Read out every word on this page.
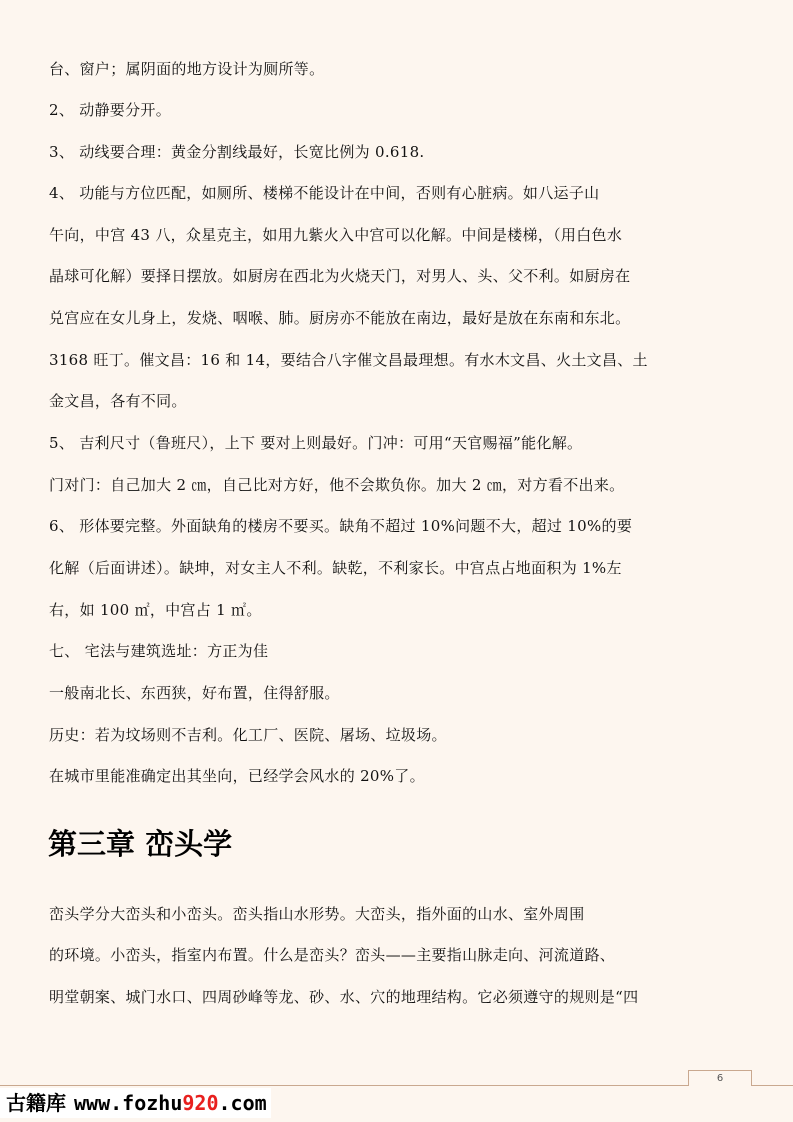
台、窗户；属阴面的地方设计为厕所等。
2、 动静要分开。
3、 动线要合理：黄金分割线最好，长宽比例为 0.618.
4、 功能与方位匹配，如厕所、楼梯不能设计在中间，否则有心脏病。如八运子山
午向，中宫 43 八，众星克主，如用九紫火入中宫可以化解。中间是楼梯，（用白色水
晶球可化解）要择日摆放。如厨房在西北为火烧天门，对男人、头、父不利。如厨房在
兑宫应在女儿身上，发烧、咽喉、肺。厨房亦不能放在南边，最好是放在东南和东北。
3168 旺丁。催文昌：16 和 14，要结合八字催文昌最理想。有水木文昌、火土文昌、土
金文昌，各有不同。
5、 吉利尺寸（鲁班尺），上下 要对上则最好。门冲：可用“天官赐福”能化解。
门对门：自己加大 2 ㎝，自己比对方好，他不会欺负你。加大 2 ㎝，对方看不出来。
6、 形体要完整。外面缺角的楼房不要买。缺角不超过 10%问题不大，超过 10%的要
化解（后面讲述）。缺坤，对女主人不利。缺乾，不利家长。中宫点占地面积为 1%左
右，如 100 ㎡，中宫占 1 ㎡。
七、 宅法与建筑选址：方正为佳
一般南北长、东西狭，好布置，住得舒服。
历史：若为坟场则不吉利。化工厂、医院、屠场、垃圾场。
在城市里能准确定出其坐向，已经学会风水的 20%了。
第三章 峦头学
峦头学分大峦头和小峦头。峦头指山水形势。大峦头，指外面的山水、室外周围
的环境。小峦头，指室内布置。什么是峦头？峦头——主要指山脉走向、河流道路、
明堂朝案、城门水口、四周砂峰等龙、砂、水、穴的地理结构。它必须遵守的规则是“四
6
古籍库 www.fozhu920.com
